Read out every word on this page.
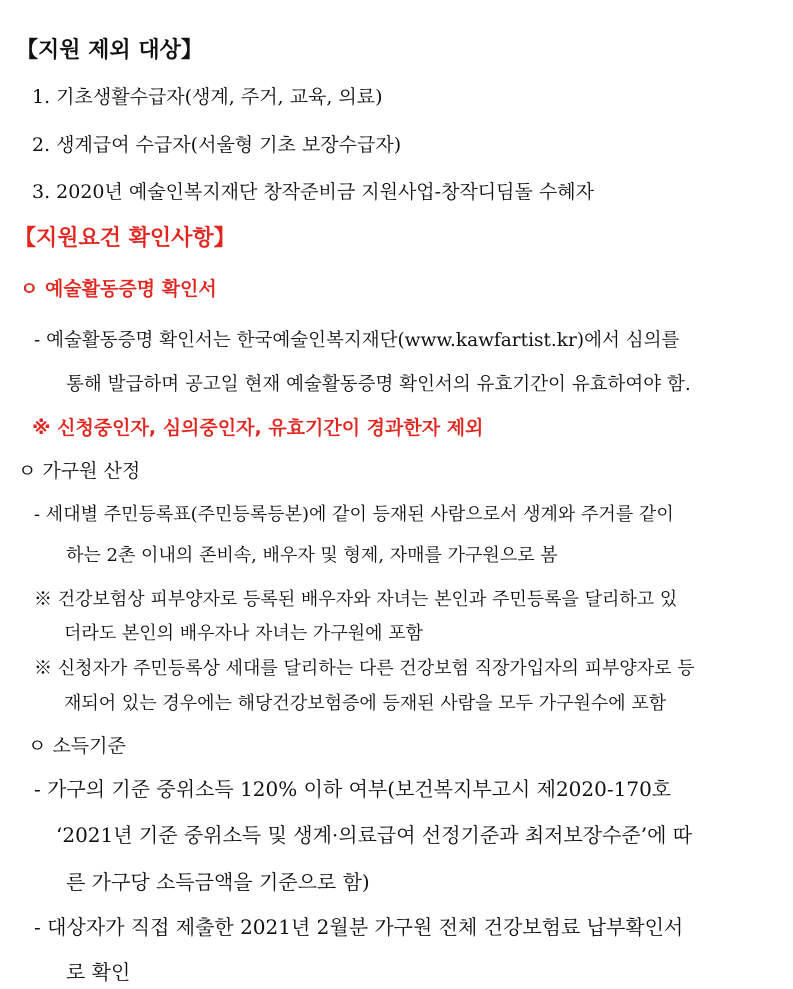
【지원 제외 대상】
1. 기초생활수급자(생계, 주거, 교육, 의료)
2. 생계급여 수급자(서울형 기초 보장수급자)
3. 2020년 예술인복지재단 창작준비금 지원사업-창작디딤돌 수혜자
【지원요건 확인사항】
ㅇ 예술활동증명 확인서
- 예술활동증명 확인서는 한국예술인복지재단(www.kawfartist.kr)에서 심의를
통해 발급하며 공고일 현재 예술활동증명 확인서의 유효기간이 유효하여야 함.
※ 신청중인자, 심의중인자, 유효기간이 경과한자 제외
ㅇ 가구원 산정
- 세대별 주민등록표(주민등록등본)에 같이 등재된 사람으로서 생계와 주거를 같이
하는 2촌 이내의 존비속, 배우자 및 형제, 자매를 가구원으로 봄
※ 건강보험상 피부양자로 등록된 배우자와 자녀는 본인과 주민등록을 달리하고 있
더라도 본인의 배우자나 자녀는 가구원에 포함
※ 신청자가 주민등록상 세대를 달리하는 다른 건강보험 직장가입자의 피부양자로 등
재되어 있는 경우에는 해당건강보험증에 등재된 사람을 모두 가구원수에 포함
ㅇ 소득기준
- 가구의 기준 중위소득 120% 이하 여부(보건복지부고시 제2020-170호
‘2021년 기준 중위소득 및 생계·의료급여 선정기준과 최저보장수준’에 따
른 가구당 소득금액을 기준으로 함)
- 대상자가 직접 제출한 2021년 2월분 가구원 전체 건강보험료 납부확인서
로 확인
